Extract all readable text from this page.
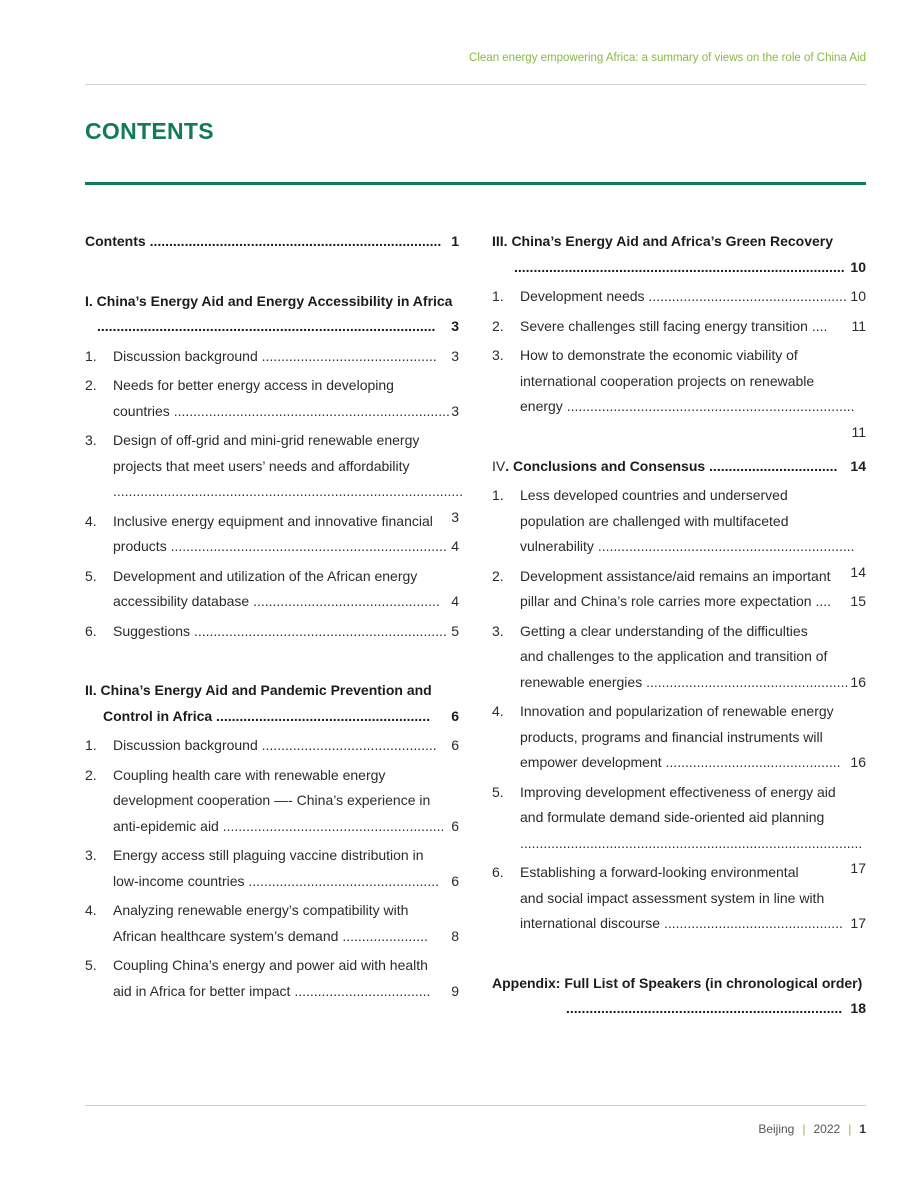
Clean energy empowering Africa: a summary of views on the role of China Aid
CONTENTS
Contents ........................................................................... 1
I. China’s Energy Aid and Energy Accessibility in Africa
....................................................................................... 3
1. Discussion background ............................................. 3
2. Needs for better energy access in developing
countries ....................................................................... 3
3. Design of off-grid and mini-grid renewable energy
projects that meet users’ needs and affordability
..........................................................................................
3
4. Inclusive energy equipment and innovative financial
products ....................................................................... 4
5. Development and utilization of the African energy
accessibility database ................................................ 4
6. Suggestions ................................................................. 5
II. China’s Energy Aid and Pandemic Prevention and
Control in Africa ....................................................... 6
1. Discussion background ............................................. 6
2. Coupling health care with renewable energy
development cooperation —- China’s experience in
anti-epidemic aid ......................................................... 6
3. Energy access still plaguing vaccine distribution in
low-income countries ................................................. 6
4. Analyzing renewable energy’s compatibility with
African healthcare system’s demand ...................... 8
5. Coupling China’s energy and power aid with health
aid in Africa for better impact ................................... 9
III. China’s Energy Aid and Africa’s Green Recovery
..................................................................................... 10
1. Development needs ................................................... 10
2. Severe challenges still facing energy transition .... 11
3. How to demonstrate the economic viability of
international cooperation projects on renewable
energy ..........................................................................
11
IV. Conclusions and Consensus ................................. 14
1. Less developed countries and underserved
population are challenged with multifaceted
vulnerability ..................................................................
14
2. Development assistance/aid remains an important
pillar and China’s role carries more expectation .... 15
3. Getting a clear understanding of the difficulties
and challenges to the application and transition of
renewable energies .................................................... 16
4. Innovation and popularization of renewable energy
products, programs and financial instruments will
empower development ............................................. 16
5. Improving development effectiveness of energy aid
and formulate demand side-oriented aid planning
........................................................................................
17
6. Establishing a forward-looking environmental
and social impact assessment system in line with
international discourse .............................................. 17
Appendix: Full List of Speakers (in chronological order)
....................................................................... 18
Beijing | 2022 | 1
